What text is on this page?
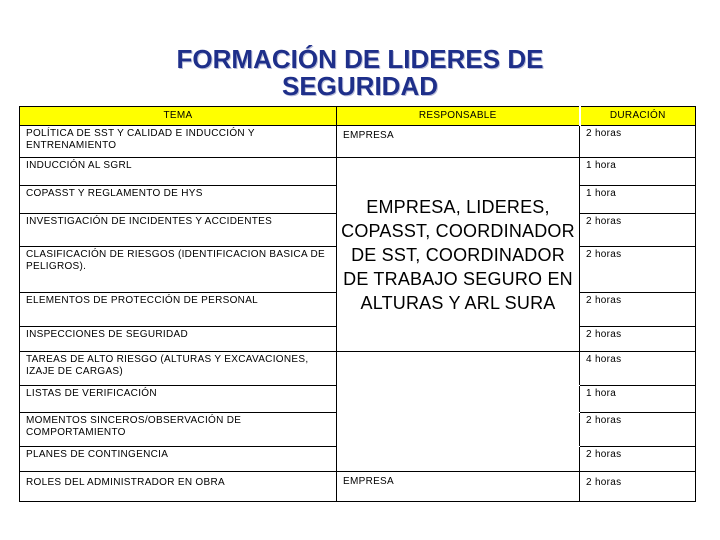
FORMACIÓN DE LIDERES DE
SEGURIDAD
TEMA	RESPONSABLE	DURACIÓN
POLÍTICA DE SST Y CALIDAD E INDUCCIÓN Y ENTRENAMIENTO	EMPRESA	2 horas
INDUCCIÓN AL SGRL	EMPRESA, LIDERES, COPASST, COORDINADOR DE SST, COORDINADOR DE TRABAJO SEGURO EN ALTURAS Y ARL SURA	1 hora
COPASST Y REGLAMENTO DE HYS		1 hora
INVESTIGACIÓN DE INCIDENTES Y ACCIDENTES		2 horas
CLASIFICACIÓN DE RIESGOS (IDENTIFICACION BASICA DE PELIGROS).		2 horas
ELEMENTOS DE PROTECCIÓN DE PERSONAL		2 horas
INSPECCIONES DE SEGURIDAD		2 horas
TAREAS DE ALTO RIESGO (ALTURAS Y EXCAVACIONES, IZAJE DE CARGAS)		4 horas
LISTAS DE VERIFICACIÓN		1 hora
MOMENTOS SINCEROS/OBSERVACIÓN DE COMPORTAMIENTO		2 horas
PLANES DE CONTINGENCIA		2 horas
ROLES DEL ADMINISTRADOR EN OBRA	EMPRESA	2 horas
